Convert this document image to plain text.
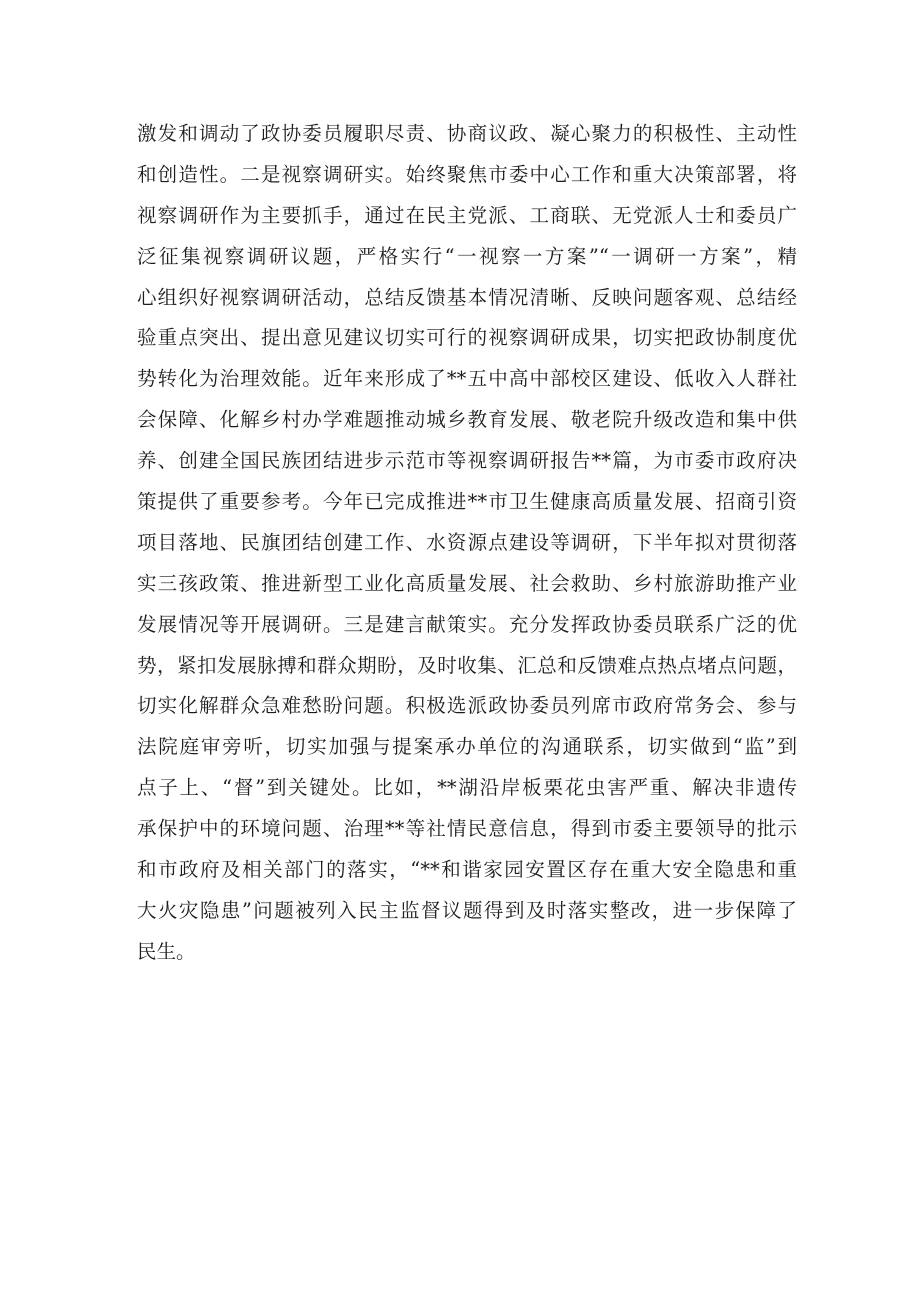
激发和调动了政协委员履职尽责、协商议政、凝心聚力的积极性、主动性
和创造性。二是视察调研实。始终聚焦市委中心工作和重大决策部署，将
视察调研作为主要抓手，通过在民主党派、工商联、无党派人士和委员广
泛征集视察调研议题，严格实行“一视察一方案”“一调研一方案”，精
心组织好视察调研活动，总结反馈基本情况清晰、反映问题客观、总结经
验重点突出、提出意见建议切实可行的视察调研成果，切实把政协制度优
势转化为治理效能。近年来形成了**五中高中部校区建设、低收入人群社
会保障、化解乡村办学难题推动城乡教育发展、敬老院升级改造和集中供
养、创建全国民族团结进步示范市等视察调研报告**篇，为市委市政府决
策提供了重要参考。今年已完成推进**市卫生健康高质量发展、招商引资
项目落地、民旗团结创建工作、水资源点建设等调研，下半年拟对贯彻落
实三孩政策、推进新型工业化高质量发展、社会救助、乡村旅游助推产业
发展情况等开展调研。三是建言献策实。充分发挥政协委员联系广泛的优
势，紧扣发展脉搏和群众期盼，及时收集、汇总和反馈难点热点堵点问题，
切实化解群众急难愁盼问题。积极选派政协委员列席市政府常务会、参与
法院庭审旁听，切实加强与提案承办单位的沟通联系，切实做到“监”到
点子上、“督”到关键处。比如，**湖沿岸板栗花虫害严重、解决非遗传
承保护中的环境问题、治理**等社情民意信息，得到市委主要领导的批示
和市政府及相关部门的落实，“**和谐家园安置区存在重大安全隐患和重
大火灾隐患”问题被列入民主监督议题得到及时落实整改，进一步保障了
民生。
